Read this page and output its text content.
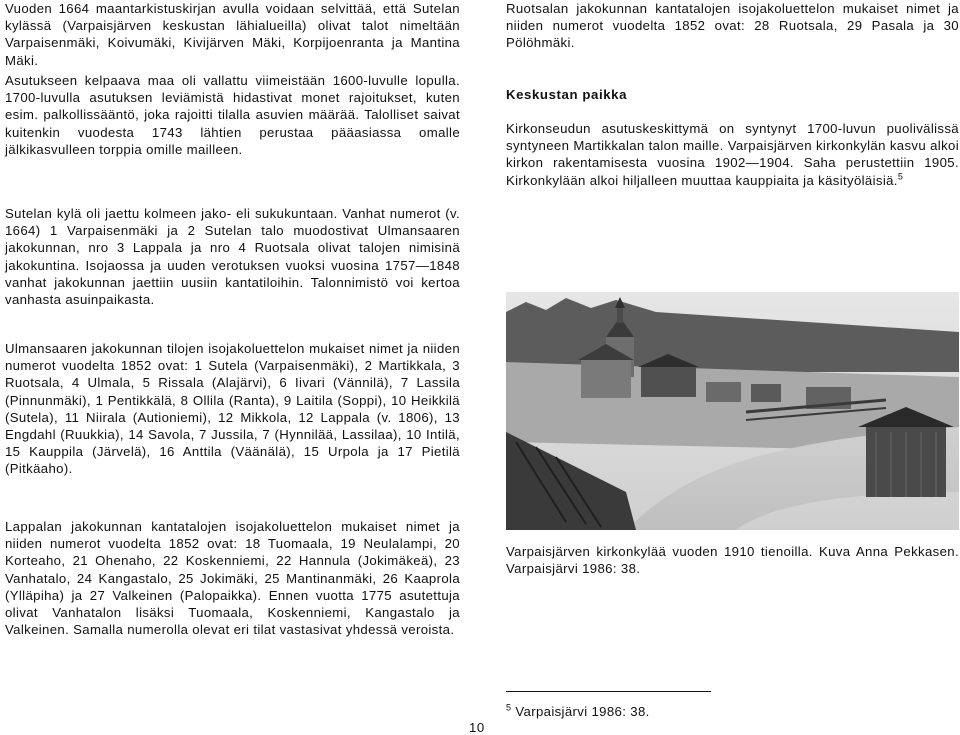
Vuoden 1664 maantarkistuskirjan avulla voidaan selvittää, että Sutelan kylässä (Varpaisjärven keskustan lähialueilla) olivat talot nimeltään Varpaisenmäki, Koivumäki, Kivijärven Mäki, Korpijoenranta ja Mantina Mäki.

Asutukseen kelpaava maa oli vallattu viimeistään 1600-luvulle lopulla. 1700-luvulla asutuksen leviämistä hidastivat monet rajoitukset, kuten esim. palkollissääntö, joka rajoitti tilalla asuvien määrää. Talolliset saivat kuitenkin vuodesta 1743 lähtien perustaa pääasiassa omalle jälkikasvulleen torppia omille mailleen.

Sutelan kylä oli jaettu kolmeen jako- eli sukukuntaan. Vanhat numerot (v. 1664) 1 Varpaisenmäki ja 2 Sutelan talo muodostivat Ulmansaaren jakokunnan, nro 3 Lappala ja nro 4 Ruotsala olivat talojen nimisinä jakokuntina. Isojaossa ja uuden verotuksen vuoksi vuosina 1757—1848 vanhat jakokunnan jaettiin uusiin kantatiloihin. Talonnimistö voi kertoa vanhasta asuinpaikasta.

Ulmansaaren jakokunnan tilojen isojakoluettelon mukaiset nimet ja niiden numerot vuodelta 1852 ovat: 1 Sutela (Varpaisenmäki), 2 Martikkala, 3 Ruotsala, 4 Ulmala, 5 Rissala (Alajärvi), 6 Iivari (Vännilä), 7 Lassila (Pinnunmäki), 1 Pentikkälä, 8 Ollila (Ranta), 9 Laitila (Soppi), 10 Heikkilä (Sutela), 11 Niirala (Autioniemi), 12 Mikkola, 12 Lappala (v. 1806), 13 Engdahl (Ruukkia), 14 Savola, 7 Jussila, 7 (Hynnilää, Lassilaa), 10 Intilä, 15 Kauppila (Järvelä), 16 Anttila (Väänälä), 15 Urpola ja 17 Pietilä (Pitkäaho).

Lappalan jakokunnan kantatalojen isojakoluettelon mukaiset nimet ja niiden numerot vuodelta 1852 ovat: 18 Tuomaala, 19 Neulalampi, 20 Korteaho, 21 Ohenaho, 22 Koskenniemi, 22 Hannula (Jokimäkeä), 23 Vanhatalo, 24 Kangastalo, 25 Jokimäki, 25 Mantinanmäki, 26 Kaaprola (Ylläpiha) ja 27 Valkeinen (Palopaikka). Ennen vuotta 1775 asutettuja olivat Vanhatalon lisäksi Tuomaala, Koskenniemi, Kangastalo ja Valkeinen. Samalla numerolla olevat eri tilat vastasivat yhdessä veroista.

Ruotsalan jakokunnan kantatalojen isojakoluettelon mukaiset nimet ja niiden numerot vuodelta 1852 ovat: 28 Ruotsala, 29 Pasala ja 30 Pölöhmäki.

Keskustan paikka

Kirkonseudun asutuskeskittymä on syntynyt 1700-luvun puolivälissä syntyneen Martikkalan talon maille. Varpaisjärven kirkonkylän kasvu alkoi kirkon rakentamisesta vuosina 1902—1904. Saha perustettiin 1905. Kirkonkylään alkoi hiljalleen muuttaa kauppiaita ja käsityöläisiä.$^5$

Varpaisjärven kirkonkylää vuoden 1910 tienoilla. Kuva Anna Pekkasen. Varpaisjärvi 1986: 38.

$^5$ Varpaisjärvi 1986: 38.

10
